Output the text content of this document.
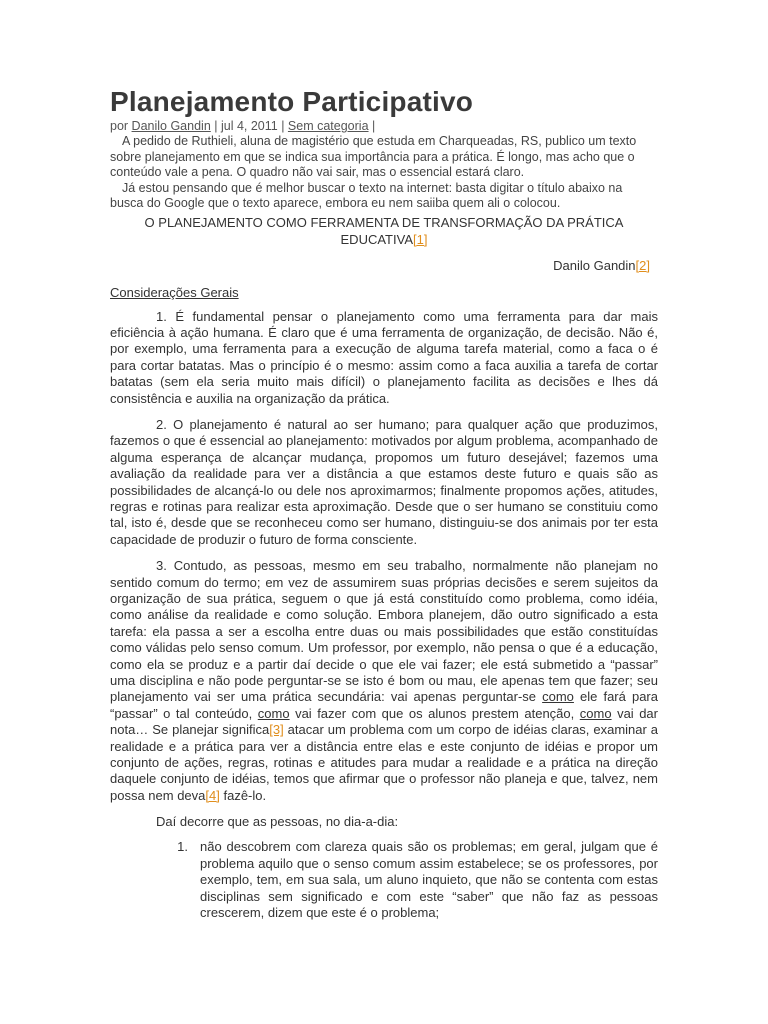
Planejamento Participativo
por Danilo Gandin | jul 4, 2011 | Sem categoria |

A pedido de Ruthieli, aluna de magistério que estuda em Charqueadas, RS, publico um texto sobre planejamento em que se indica sua importância para a prática. É longo, mas acho que o conteúdo vale a pena. O quadro não vai sair, mas o essencial estará claro.

Já estou pensando que é melhor buscar o texto na internet: basta digitar o título abaixo na busca do Google que o texto aparece, embora eu nem saiiba quem ali o colocou.

O PLANEJAMENTO COMO FERRAMENTA DE TRANSFORMAÇÃO DA PRÁTICA
EDUCATIVA[1]
Danilo Gandin[2]
Considerações Gerais

1. É fundamental pensar o planejamento como uma ferramenta para dar mais eficiência à ação humana. É claro que é uma ferramenta de organização, de decisão. Não é, por exemplo, uma ferramenta para a execução de alguma tarefa material, como a faca o é para cortar batatas. Mas o princípio é o mesmo: assim como a faca auxilia a tarefa de cortar batatas (sem ela seria muito mais difícil) o planejamento facilita as decisões e lhes dá consistência e auxilia na organização da prática.

2. O planejamento é natural ao ser humano; para qualquer ação que produzimos, fazemos o que é essencial ao planejamento: motivados por algum problema, acompanhado de alguma esperança de alcançar mudança, propomos um futuro desejável; fazemos uma avaliação da realidade para ver a distância a que estamos deste futuro e quais são as possibilidades de alcançá-lo ou dele nos aproximarmos; finalmente propomos ações, atitudes, regras e rotinas para realizar esta aproximação. Desde que o ser humano se constituiu como tal, isto é, desde que se reconheceu como ser humano, distinguiu-se dos animais por ter esta capacidade de produzir o futuro de forma consciente.

3. Contudo, as pessoas, mesmo em seu trabalho, normalmente não planejam no sentido comum do termo; em vez de assumirem suas próprias decisões e serem sujeitos da organização de sua prática, seguem o que já está constituído como problema, como idéia, como análise da realidade e como solução. Embora planejem, dão outro significado a esta tarefa: ela passa a ser a escolha entre duas ou mais possibilidades que estão constituídas como válidas pelo senso comum. Um professor, por exemplo, não pensa o que é a educação, como ela se produz e a partir daí decide o que ele vai fazer; ele está submetido a “passar” uma disciplina e não pode perguntar-se se isto é bom ou mau, ele apenas tem que fazer; seu planejamento vai ser uma prática secundária: vai apenas perguntar-se como ele fará para “passar” o tal conteúdo, como vai fazer com que os alunos prestem atenção, como vai dar nota… Se planejar significa[3] atacar um problema com um corpo de idéias claras, examinar a realidade e a prática para ver a distância entre elas e este conjunto de idéias e propor um conjunto de ações, regras, rotinas e atitudes para mudar a realidade e a prática na direção daquele conjunto de idéias, temos que afirmar que o professor não planeja e que, talvez, nem possa nem deva[4] fazê-lo.

Daí decorre que as pessoas, no dia-a-dia:
1. não descobrem com clareza quais são os problemas; em geral, julgam que é problema aquilo que o senso comum assim estabelece; se os professores, por exemplo, tem, em sua sala, um aluno inquieto, que não se contenta com estas disciplinas sem significado e com este “saber” que não faz as pessoas crescerem, dizem que este é o problema;
